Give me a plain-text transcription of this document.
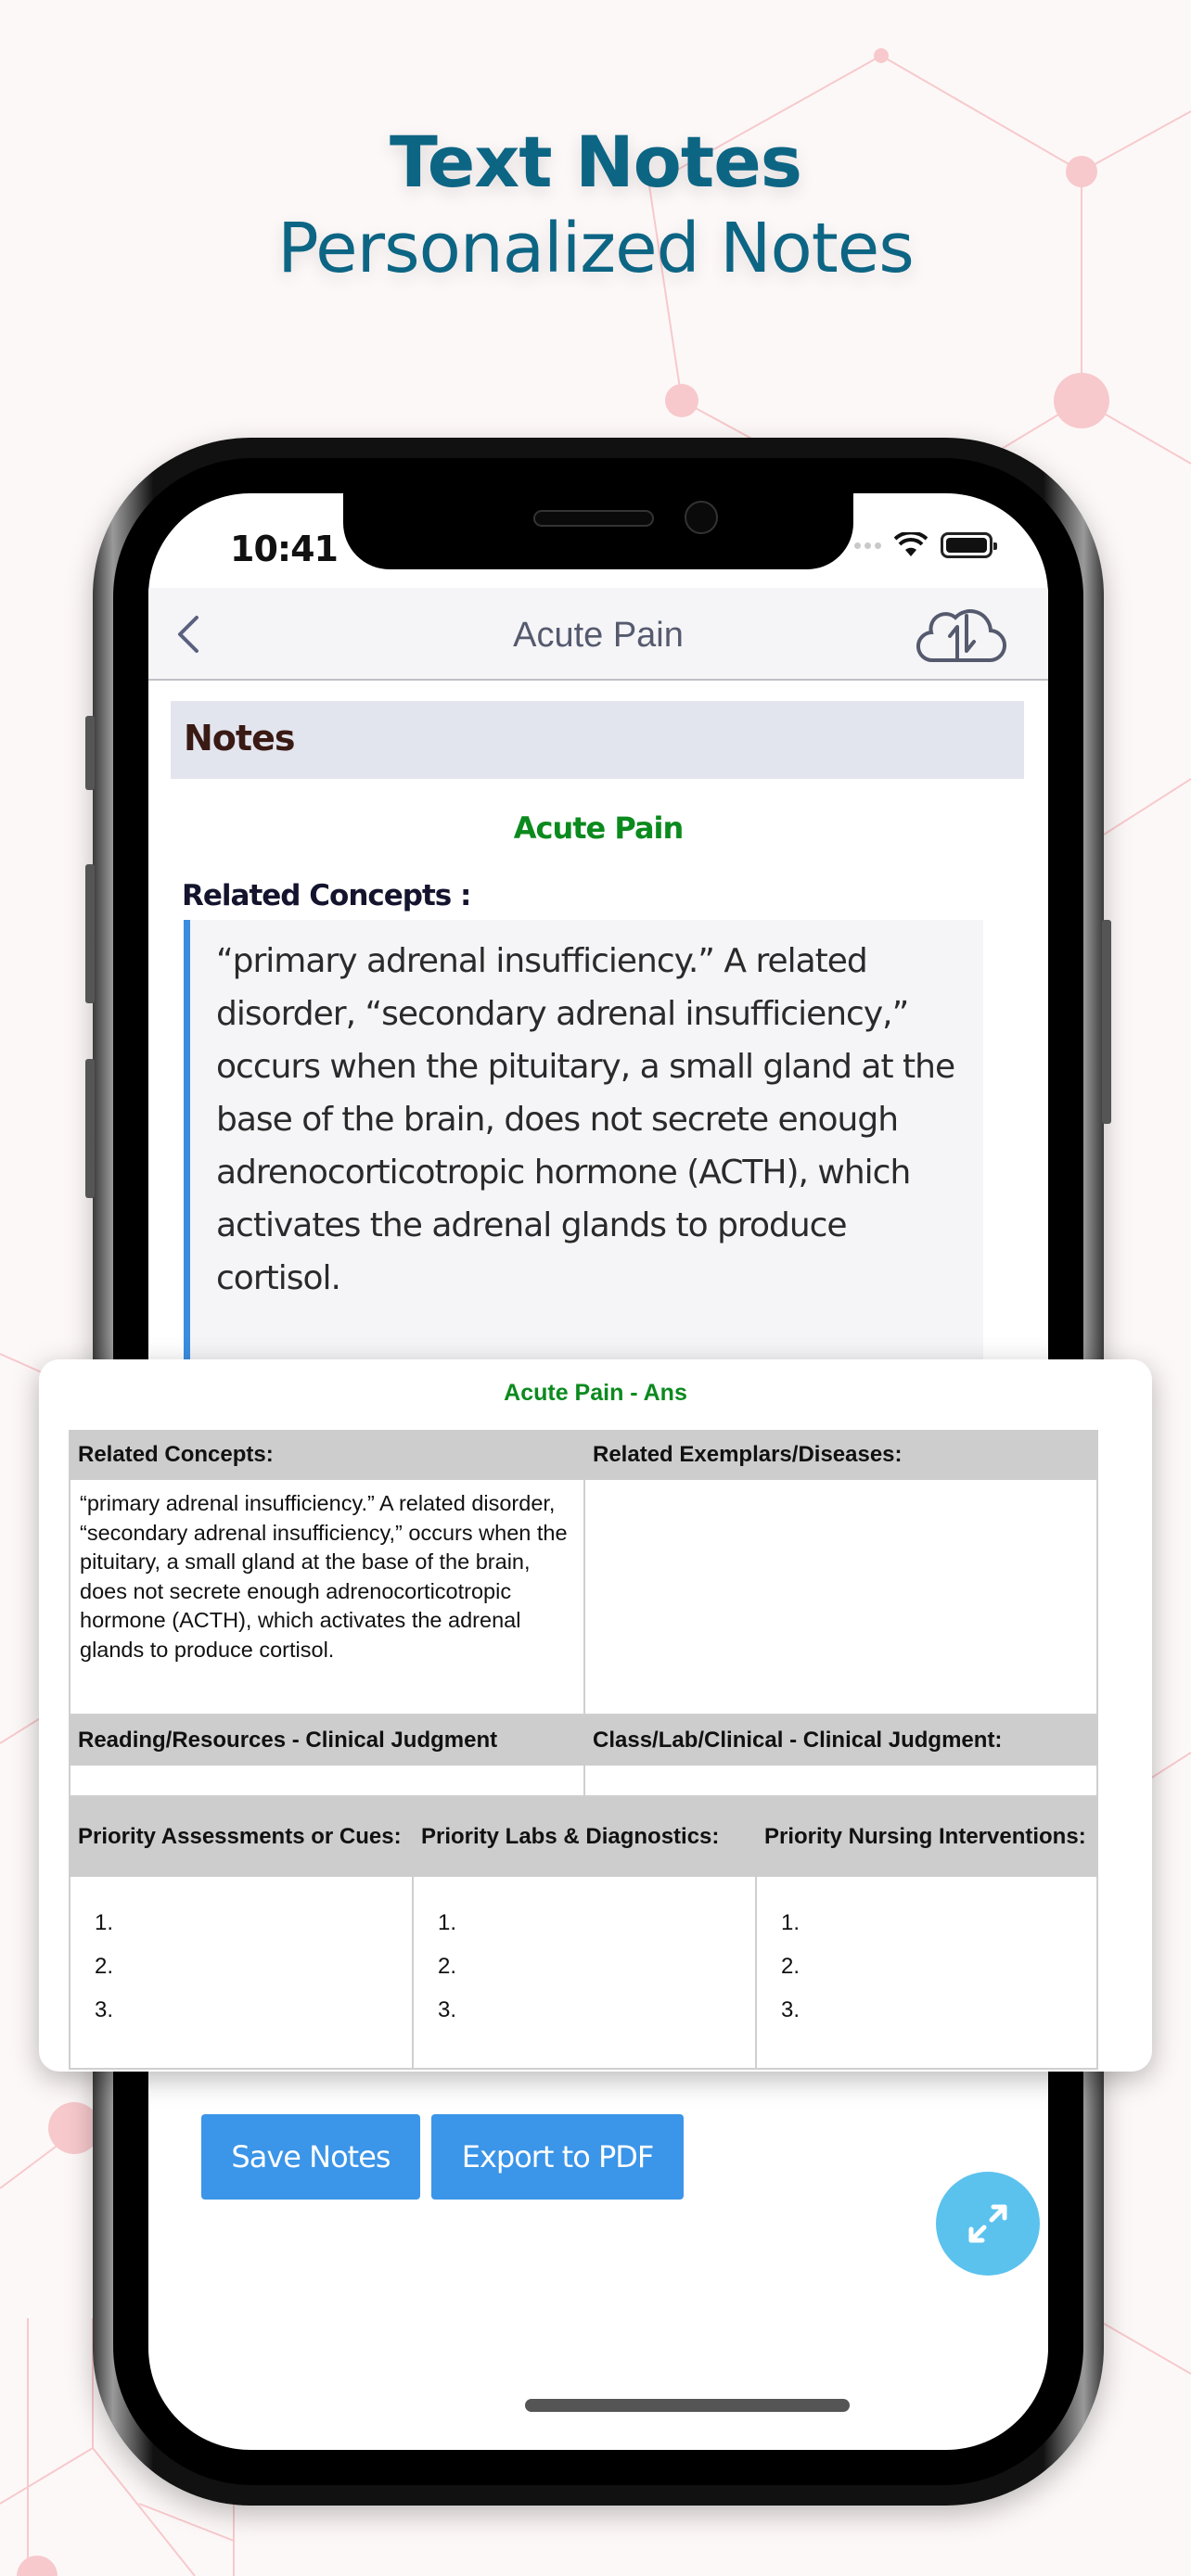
Text Notes
Personalized Notes
10:41
Acute Pain
Notes
Acute Pain
Related Concepts :

“primary adrenal insufficiency.” A related disorder, “secondary adrenal insufficiency,” occurs when the pituitary, a small gland at the base of the brain, does not secrete enough adrenocorticotropic hormone (ACTH), which activates the adrenal glands to produce cortisol.

Save Notes	Export to PDF
Acute Pain - Ans
Related Concepts:	Related Exemplars/Diseases:
“primary adrenal insufficiency.” A related disorder, “secondary adrenal insufficiency,” occurs when the pituitary, a small gland at the base of the brain, does not secrete enough adrenocorticotropic hormone (ACTH), which activates the adrenal glands to produce cortisol.
Reading/Resources - Clinical Judgment	Class/Lab/Clinical - Clinical Judgment:
Priority Assessments or Cues: Priority Labs & Diagnostics:	Priority Nursing Interventions:
1.
2.
3.
1.
2.
3.
1.
2.
3.
